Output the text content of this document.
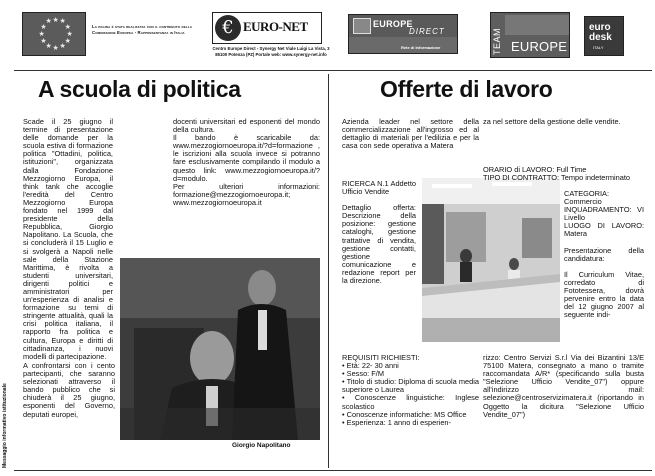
★
★
★
★
★
★
★
★
★ ★ ★
★	La pagina è stata realizzata con il contributo della Commissione Europea - Rappresentanza in Italia	€ EURO-NET
Centro Europe Direct - Synergy Net Viale Luigi La Vista, 3 85100 Potenza (PZ) Portale web: www.synergy-net.info
EUROPE
DIRECT
Rete di Informazione	TEAM EUROPE
euro desk
ITALY
Messaggio informativo istituzionale
A scuola di politica

Scade il 25 giugno il termine di presentazione delle domande per la scuola estiva di formazione politica "Ottadini, politica, istituzioni", organizzata dalla Fondazione Mezzogiorno Europa, il think tank che accoglie l'eredità del Centro Mezzogiorno Europa fondato nel 1999 dal presidente della Repubblica, Giorgio Napolitano. La Scuola, che si concluderà il 15 Luglio e si svolgerà a Napoli nelle sale della Stazione Marittima, è rivolta a studenti universitari, dirigenti politici e amministratori per un'esperienza di analisi e formazione su temi di stringente attualità, quali la crisi politica italiana, il rapporto fra politica e cultura, Europa e diritti di cittadinanza, i nuovi modelli di partecipazione.

docenti universitari ed esponenti del mondo della cultura.

Il bando è scaricabile da: www.mezzogiornoeuropa.it/?d=formazione , le iscrizioni alla scuola invece si potranno fare esclusivamente compilando il modulo a questo link: www.mezzogiornoeuropa.it/?d=modulo.

Per ulteriori informazioni: formazione@mezzogiornoeuropa.it; www.mezzogiornoeuropa.it

Giorgio Napolitano

A confrontarsi con i cento partecipanti, che saranno selezionati attraverso il bando pubblico che si chiuderà il 25 giugno, esponenti del Governo, deputati europei,

Offerte di lavoro

Azienda leader nel settore della commercializzazione all'ingrosso ed al dettaglio di materiali per l'edilizia e per la casa con sede operativa a Matera

za nel settore della gestione delle vendite.

RICERCA N.1 Addetto Ufficio Vendite

Dettaglio offerta: Descrizione della posizione: gestione cataloghi, gestione trattative di vendita, gestione contatti, gestione comunicazione e redazione report per la direzione.

ORARIO di LAVORO: Full Time

TIPO DI CONTRATTO: Tempo indeterminato

CATEGORIA: Commercio

INQUADRAMENTO: VI Livello

LUOGO DI LAVORO: Matera

Presentazione della candidatura:

Il Curriculum Vitae, corredato di Fototessera, dovrà pervenire entro la data del 12 giugno 2007 al seguente indi-

REQUISITI RICHIESTI:

• Età: 22- 30 anni

• Sesso: F/M

• Titolo di studio: Diploma di scuola media superiore o Laurea

• Conoscenze linguistiche: Inglese scolastico

• Conoscenze informatiche: MS Office

• Esperienza: 1 anno di esperien-

rizzo: Centro Servizi S.r.l Via dei Bizantini 13/E 75100 Matera, consegnato a mano o tramite raccomandata A/R* (specificando sulla busta "Selezione Ufficio Vendite_07") oppure all'indirizzo mail: selezione@centroservizimatera.it (riportando in Oggetto la dicitura "Selezione Ufficio Vendite_07")
